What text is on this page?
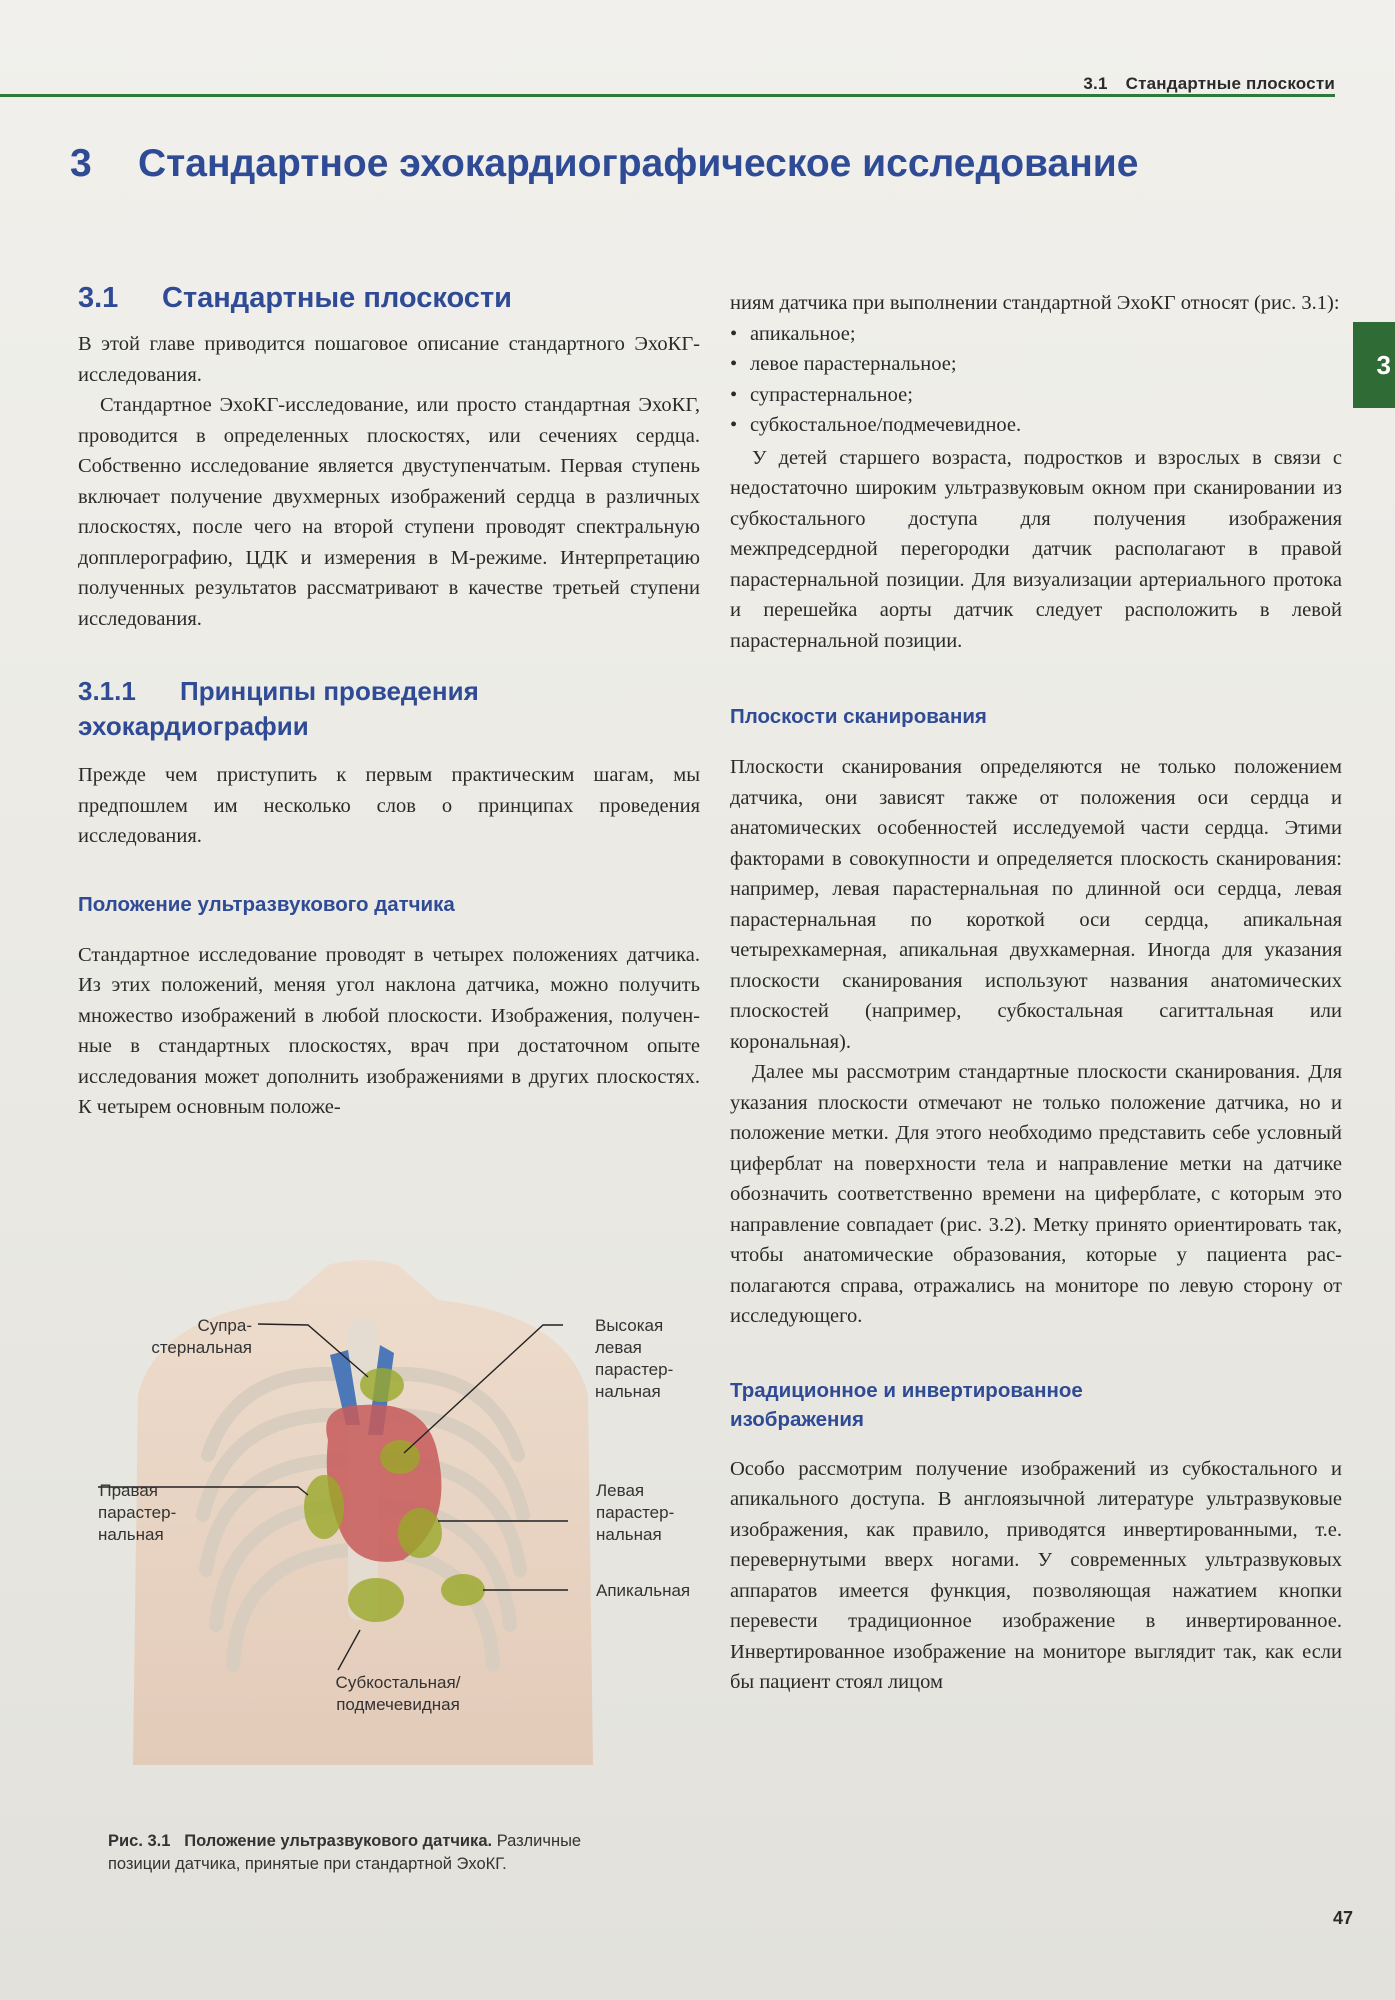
3.1 Стандартные плоскости
3
3 Стандартное эхокардиографическое исследование
3.1 Стандартные плоскости

В этой главе приводится пошаговое описание стандартного ЭхоКГ-исследования.

Стандартное ЭхоКГ-исследование, или просто стандартная ЭхоКГ, проводится в определенных плоскостях, или сечениях сердца. Собственно исследование является двуступенчатым. Первая ступень включает получение двухмерных изображений сердца в различных плоскостях, после чего на второй ступени проводят спектральную допплерографию, ЦДК и измерения в М-режиме. Интерпретацию полученных результатов рассматривают в качестве третьей ступени исследования.

3.1.1 Принципы проведения
эхокардиографии

Прежде чем приступить к первым практическим шагам, мы предпошлем им несколько слов о принципах проведения исследования.

Положение ультразвукового датчика

Стандартное исследование проводят в четырех положениях датчика. Из этих положений, меняя угол наклона датчика, можно получить множество изображений в любой плоскости. Изображения, полученные в стандартных плоскостях, врач при достаточном опыте исследования может дополнить изображениями в других плоскостях. К четырем основным положе-

Супра-
стернальная
Высокая
левая
парастер-
нальная
Правая
парастер-
нальная
Левая
парастер-
нальная
Апикальная
Субкостальная/
подмечевидная
Рис. 3.1 Положение ультразвукового датчика. Различные
позиции датчика, принятые при стандартной ЭхоКГ.

ниям датчика при выполнении стандартной ЭхоКГ относят (рис. 3.1):

• апикальное;
• левое парастернальное;
• супрастернальное;
• субкостальное/подмечевидное.

У детей старшего возраста, подростков и взрослых в связи с недостаточно широким ультразвуковым окном при сканировании из субкостального доступа для получения изображения межпредсердной перегородки датчик располагают в правой парастернальной позиции. Для визуализации артериального протока и перешейка аорты датчик следует расположить в левой парастернальной позиции.

Плоскости сканирования

Плоскости сканирования определяются не только положением датчика, они зависят также от положения оси сердца и анатомических особенностей исследуемой части сердца. Этими факторами в совокупности и определяется плоскость сканирования: например, левая парастернальная по длинной оси сердца, левая парастернальная по короткой оси сердца, апикальная четырехкамерная, апикальная двухкамерная. Иногда для указания плоскости сканирования используют названия анатомических плоскостей (например, субкостальная сагиттальная или корональная).

Далее мы рассмотрим стандартные плоскости сканирования. Для указания плоскости отмечают не только положение датчика, но и положение метки. Для этого необходимо представить себе условный циферблат на поверхности тела и направление метки на датчике обозначить соответственно времени на циферблате, с которым это направление совпадает (рис. 3.2). Метку принято ориентировать так, чтобы анатомические образования, которые у пациента располагаются справа, отражались на мониторе по левую сторону от исследующего.

Традиционное и инвертированное
изображения

Особо рассмотрим получение изображений из субкостального и апикального доступа. В англоязычной литературе ультразвуковые изображения, как правило, приводятся инвертированными, т.е. перевернутыми вверх ногами. У современных ультразвуковых аппаратов имеется функция, позволяющая нажатием кнопки перевести традиционное изображение в инвертированное. Инвертированное изображение на мониторе выглядит так, как если бы пациент стоял лицом

47
